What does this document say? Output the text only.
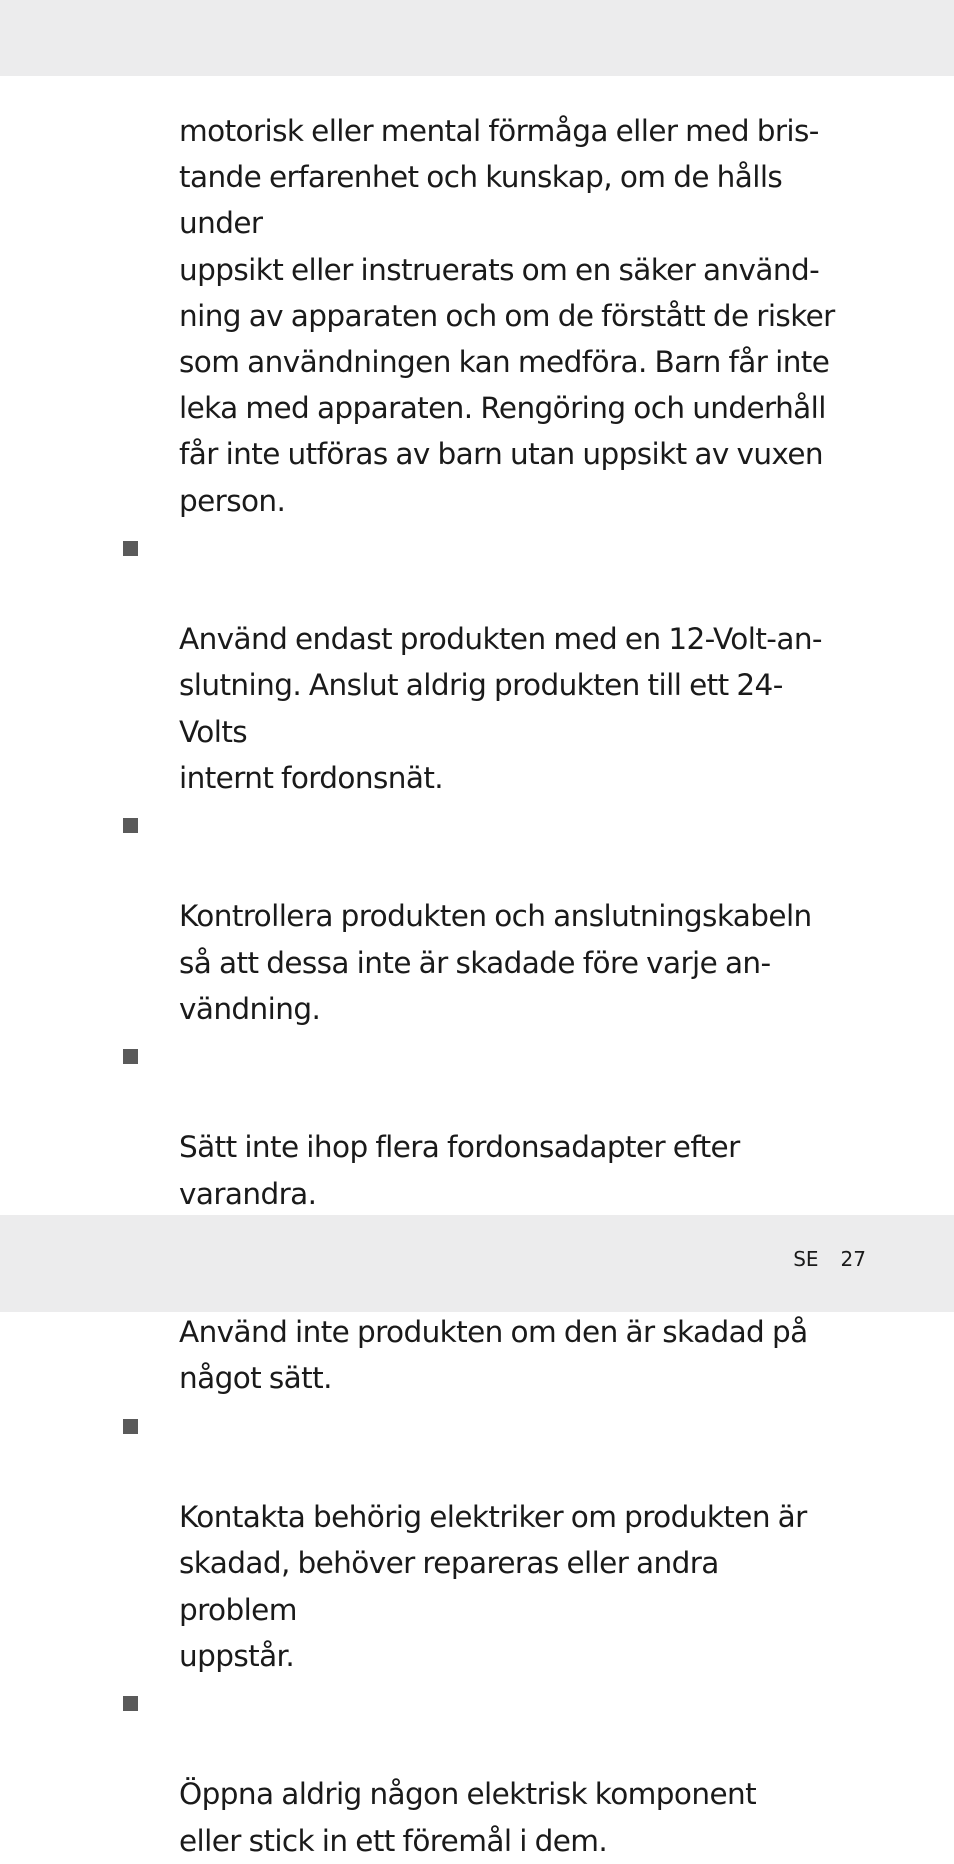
motorisk eller mental förmåga eller med bris-
tande erfarenhet och kunskap, om de hålls under
uppsikt eller instruerats om en säker använd-
ning av apparaten och om de förstått de risker
som användningen kan medföra. Barn får inte
leka med apparaten. Rengöring och underhåll
får inte utföras av barn utan uppsikt av vuxen
person.

Använd endast produkten med en 12-Volt-an-
slutning. Anslut aldrig produkten till ett 24-Volts
internt fordonsnät.

Kontrollera produkten och anslutningskabeln
så att dessa inte är skadade före varje an-
vändning.

Sätt inte ihop flera fordonsadapter efter
varandra.

Använd inte produkten om den är skadad på
något sätt.

Kontakta behörig elektriker om produkten är
skadad, behöver repareras eller andra problem
uppstår.

Öppna aldrig någon elektrisk komponent
eller stick in ett föremål i dem.

SE 27
